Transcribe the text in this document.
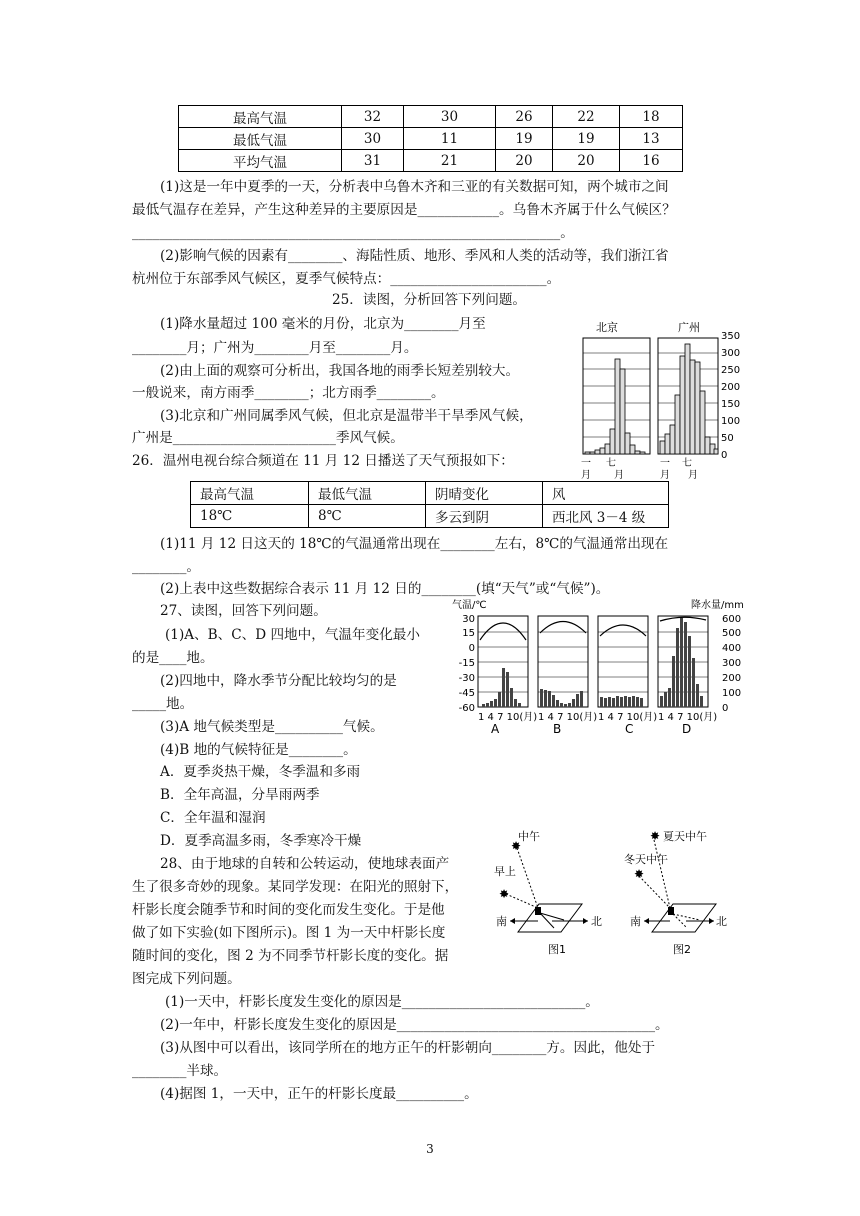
最高气温	32	30	26	22	18
最低气温	30	11	19	19	13
平均气温	31	21	20	20	16
(1)这是一年中夏季的一天，分析表中乌鲁木齐和三亚的有关数据可知，两个城市之间
最低气温存在差异，产生这种差异的主要原因是____________。乌鲁木齐属于什么气候区？
_______________________________________________________________。
(2)影响气候的因素有________、海陆性质、地形、季风和人类的活动等，我们浙江省
杭州位于东部季风气候区，夏季气候特点：_______________________。
25．读图，分析回答下列问题。
(1)降水量超过 100 毫米的月份，北京为________月至
________月；广州为________月至________月。
(2)由上面的观察可分析出，我国各地的雨季长短差别较大。
一般说来，南方雨季________；北方雨季________。
(3)北京和广州同属季风气候，但北京是温带半干旱季风气候，
广州是________________________季风气候。
北京	广州
350
300
250
200
150
100
50
0
一 七
月 月
一 七
月 月
26．温州电视台综合频道在 11 月 12 日播送了天气预报如下：
最高气温	最低气温	阴晴变化	风
18℃	8℃	多云到阴	西北风 3－4 级
(1)11 月 12 日这天的 18℃的气温通常出现在________左右，8℃的气温通常出现在
________。
(2)上表中这些数据综合表示 11 月 12 日的________(填“天气”或“气候”)。
27、读图，回答下列问题。
(1)A、B、C、D 四地中，气温年变化最小
的是____地。
(2)四地中，降水季节分配比较均匀的是
_____地。
(3)A 地气候类型是__________气候。
(4)B 地的气候特征是________。
A．夏季炎热干燥，冬季温和多雨
B．全年高温，分旱雨两季
C．全年温和湿润
D．夏季高温多雨，冬季寒冷干燥
气温/℃	降水量/mm
30
15
0
-15
-30
-45
-60
600
500
400
300
200
100
0
1 4 7 10(月) 1 4 7 10(月) 1 4 7 10(月) 1 4 7 10(月)
A	B	C	D
28、由于地球的自转和公转运动，使地球表面产
生了很多奇妙的现象。某同学发现：在阳光的照射下，
杆影长度会随季节和时间的变化而发生变化。于是他
做了如下实验(如下图所示)。图 1 为一天中杆影长度
随时间的变化，图 2 为不同季节杆影长度的变化。据
图完成下列问题。
(1)一天中，杆影长度发生变化的原因是___________________________。
(2)一年中，杆影长度发生变化的原因是______________________________________。
(3)从图中可以看出，该同学所在的地方正午的杆影朝向________方。因此，他处于
________半球。
(4)据图 1，一天中，正午的杆影长度最__________。
中午
✸
早上
✸
南	北
图1
✸ 夏天中午
冬天中午
✸
南	北
图2
3
